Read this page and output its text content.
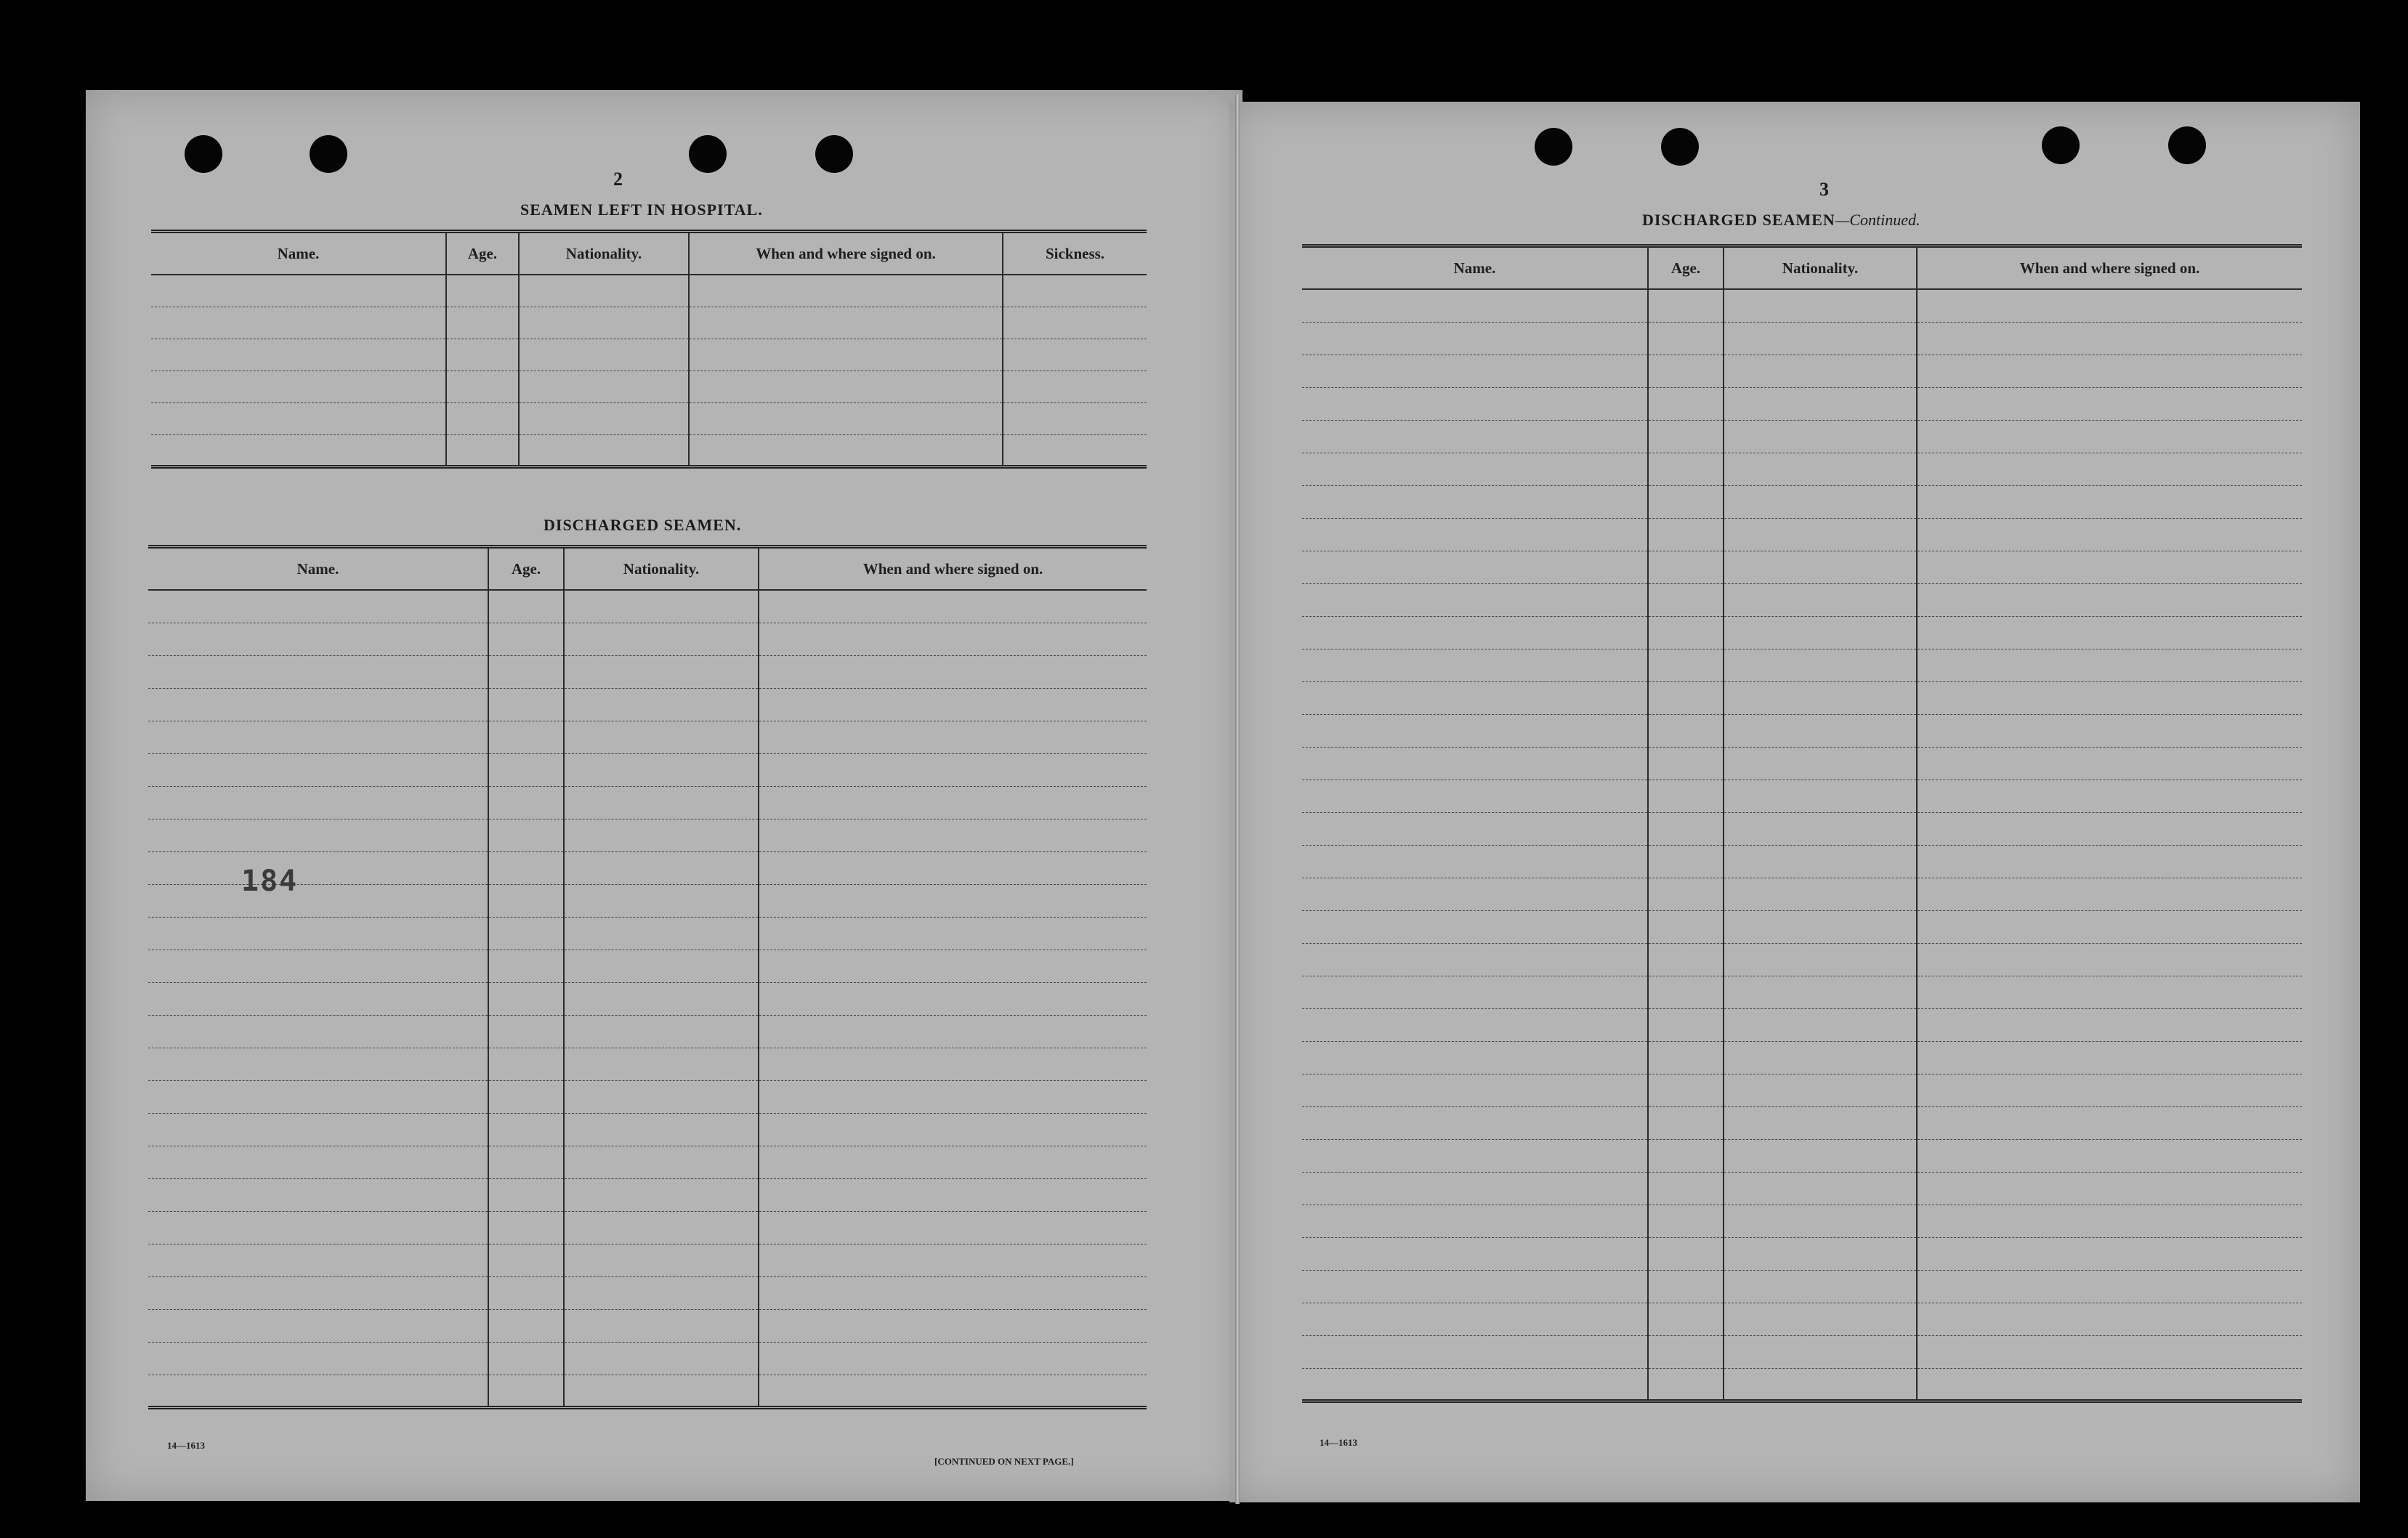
2
SEAMEN LEFT IN HOSPITAL.
Name.	Age.	Nationality.	When and where signed on.	Sickness.

DISCHARGED SEAMEN.
Name.	Age.	Nationality.	When and where signed on.

184
14—1613
[CONTINUED ON NEXT PAGE.]
3
DISCHARGED SEAMEN—Continued.
Name.	Age.	Nationality.	When and where signed on.

14—1613
